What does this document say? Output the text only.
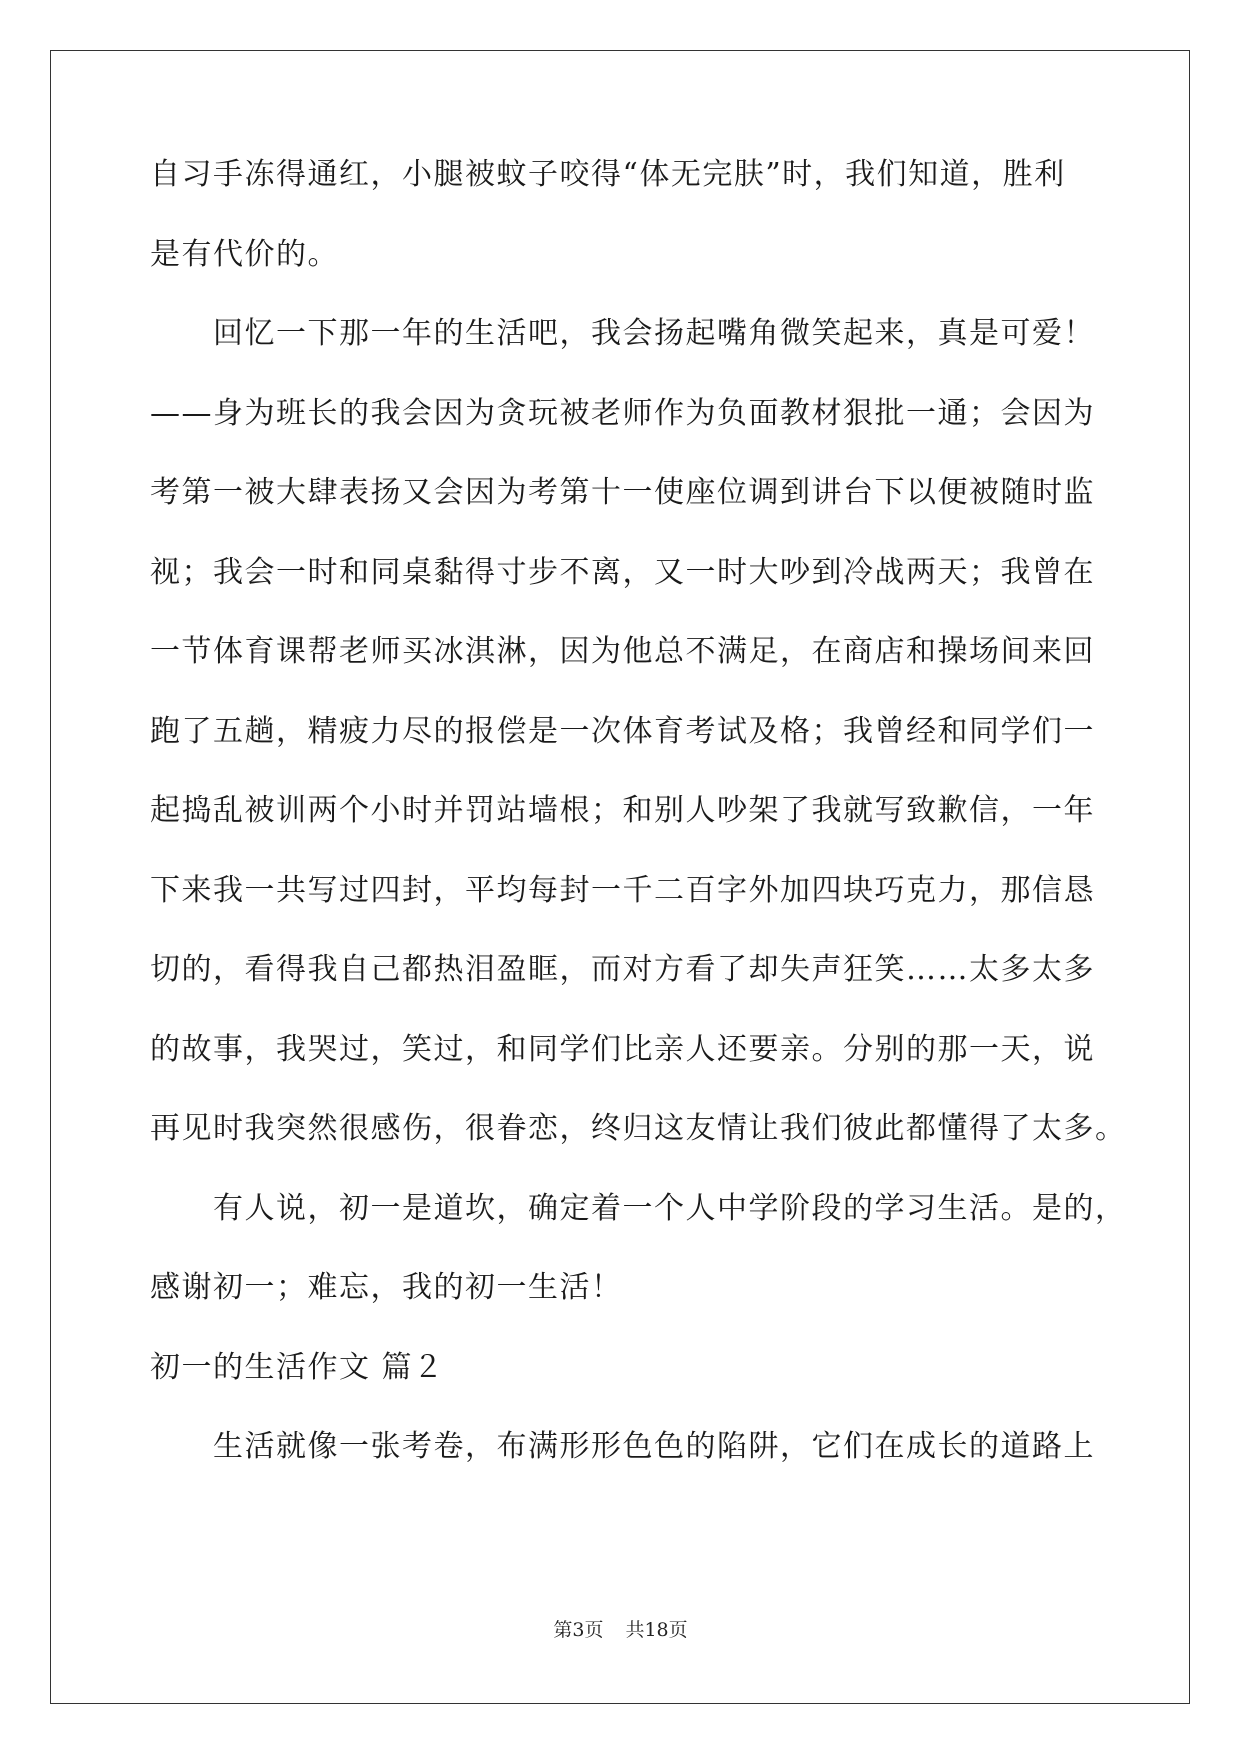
自习手冻得通红，小腿被蚊子咬得“体无完肤”时，我们知道，胜利
是有代价的。
回忆一下那一年的生活吧，我会扬起嘴角微笑起来，真是可爱！
——身为班长的我会因为贪玩被老师作为负面教材狠批一通；会因为
考第一被大肆表扬又会因为考第十一使座位调到讲台下以便被随时监
视；我会一时和同桌黏得寸步不离，又一时大吵到冷战两天；我曾在
一节体育课帮老师买冰淇淋，因为他总不满足，在商店和操场间来回
跑了五趟，精疲力尽的报偿是一次体育考试及格；我曾经和同学们一
起捣乱被训两个小时并罚站墙根；和别人吵架了我就写致歉信，一年
下来我一共写过四封，平均每封一千二百字外加四块巧克力，那信恳
切的，看得我自己都热泪盈眶，而对方看了却失声狂笑……太多太多
的故事，我哭过，笑过，和同学们比亲人还要亲。分别的那一天，说
再见时我突然很感伤，很眷恋，终归这友情让我们彼此都懂得了太多。
有人说，初一是道坎，确定着一个人中学阶段的学习生活。是的，
感谢初一；难忘，我的初一生活！
初一的生活作文 篇２
生活就像一张考卷，布满形形色色的陷阱，它们在成长的道路上
第3页 共18页
